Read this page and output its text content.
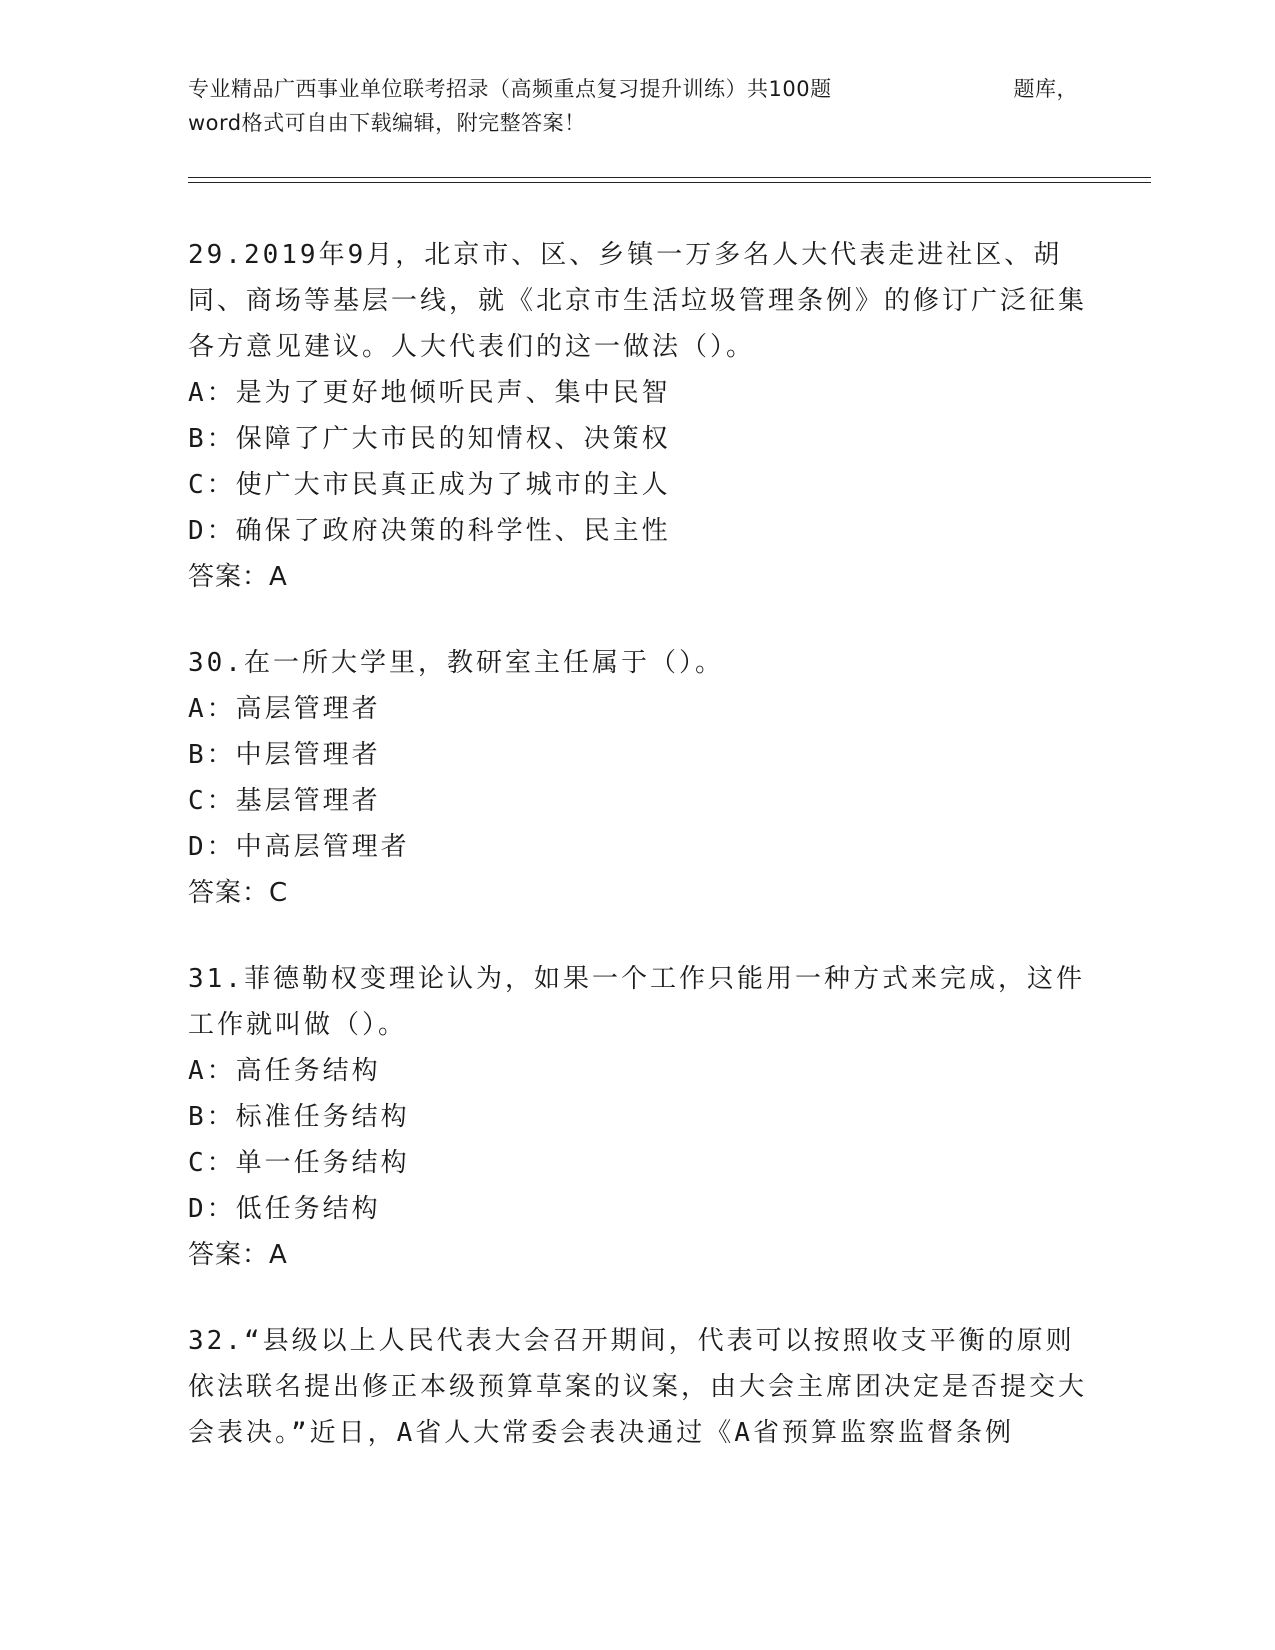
专业精品广西事业单位联考招录（高频重点复习提升训练）共100题	题库，
word格式可自由下载编辑，附完整答案！

29.2019年9月，北京市、区、乡镇一万多名人大代表走进社区、胡同、商场等基层一线，就《北京市生活垃圾管理条例》的修订广泛征集各方意见建议。人大代表们的这一做法（）。

A：是为了更好地倾听民声、集中民智

B：保障了广大市民的知情权、决策权

C：使广大市民真正成为了城市的主人

D：确保了政府决策的科学性、民主性

答案：A

30.在一所大学里，教研室主任属于（）。

A：高层管理者

B：中层管理者

C：基层管理者

D：中高层管理者

答案：C

31.菲德勒权变理论认为，如果一个工作只能用一种方式来完成，这件工作就叫做（）。

A：高任务结构

B：标准任务结构

C：单一任务结构

D：低任务结构

答案：A

32.“县级以上人民代表大会召开期间，代表可以按照收支平衡的原则依法联名提出修正本级预算草案的议案，由大会主席团决定是否提交大会表决。”近日，A省人大常委会表决通过《A省预算监察监督条例
